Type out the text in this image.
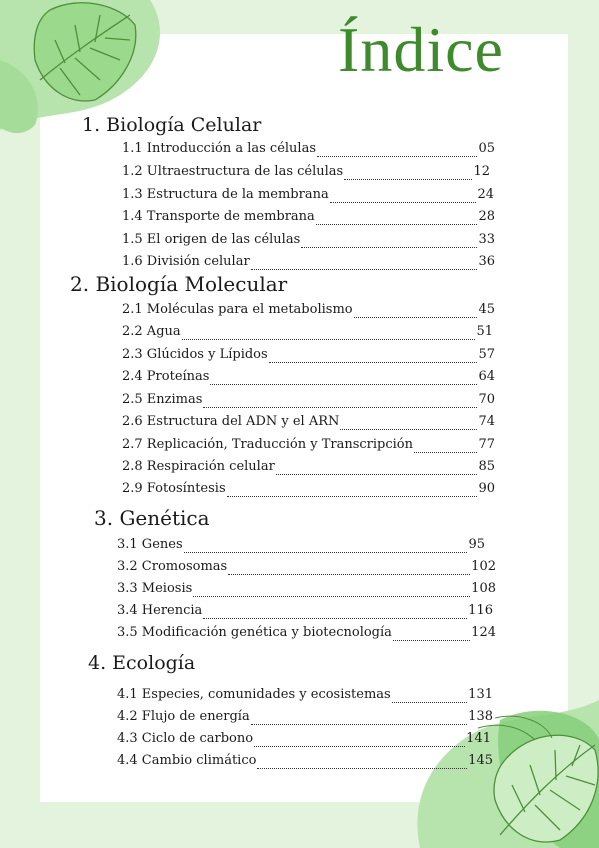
Índice
1. Biología Celular
1.1 Introducción a las células	05
1.2 Ultraestructura de las células	12
1.3 Estructura de la membrana	24
1.4 Transporte de membrana	28
1.5 El origen de las células	33
1.6 División celular	36
2. Biología Molecular
2.1 Moléculas para el metabolismo	45
2.2 Agua	51
2.3 Glúcidos y Lípidos	57
2.4 Proteínas	64
2.5 Enzimas	70
2.6 Estructura del ADN y el ARN	74
2.7 Replicación, Traducción y Transcripción	77
2.8 Respiración celular	85
2.9 Fotosíntesis	90
3. Genética
3.1 Genes	95
3.2 Cromosomas	102
3.3 Meiosis	108
3.4 Herencia	116
3.5 Modificación genética y biotecnología	124
4. Ecología
4.1 Especies, comunidades y ecosistemas	131
4.2 Flujo de energía	138
4.3 Ciclo de carbono	141
4.4 Cambio climático	145
